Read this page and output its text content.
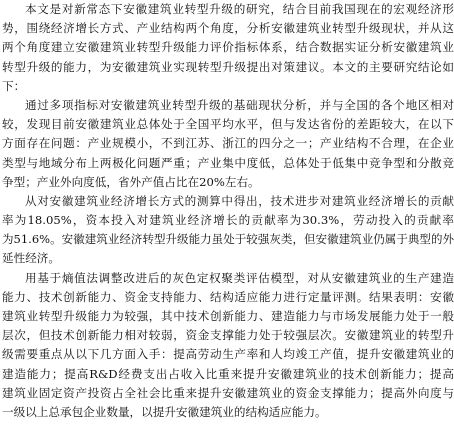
本文是对新常态下安徽建筑业转型升级的研究，结合目前我国现在的宏观经济形
势，围绕经济增长方式、产业结构两个角度，分析安徽建筑业转型升级现状，并从这
两个角度建立安徽建筑业转型升级能力评价指标体系，结合数据实证分析安徽建筑业
转型升级的能力，为安徽建筑业实现转型升级提出对策建议。本文的主要研究结论如
下：
通过多项指标对安徽建筑业转型升级的基础现状分析，并与全国的各个地区相对
较，发现目前安徽建筑业总体处于全国平均水平，但与发达省份的差距较大，在以下
方面存在问题：产业规模小，不到江苏、浙江的四分之一；产业结构不合理，在企业
类型与地域分布上两极化问题严重；产业集中度低，总体处于低集中竞争型和分散竞
争型；产业外向度低，省外产值占比在20%左右。
从对安徽建筑业经济增长方式的测算中得出，技术进步对建筑业经济增长的贡献
率为18.05%，资本投入对建筑业经济增长的贡献率为30.3%，劳动投入的贡献率
为51.6%。安徽建筑业经济转型升级能力虽处于较强灰类，但安徽建筑业仍属于典型的外
延性经济。
用基于熵值法调整改进后的灰色定权聚类评估模型，对从安徽建筑业的生产建造
能力、技术创新能力、资金支持能力、结构适应能力进行定量评测。结果表明：安徽
建筑业转型升级能力为较强，其中技术创新能力、建造能力与市场发展能力处于一般
层次，但技术创新能力相对较弱，资金支撑能力处于较强层次。安徽建筑业的转型升
级需要重点从以下几方面入手：提高劳动生产率和人均竣工产值，提升安徽建筑业的
建造能力；提高R&D经费支出占收入比重来提升安徽建筑业的技术创新能力；提高
建筑业固定资产投资占全社会比重来提升安徽建筑业的资金支撑能力；提高外向度与
一级以上总承包企业数量，以提升安徽建筑业的结构适应能力。
